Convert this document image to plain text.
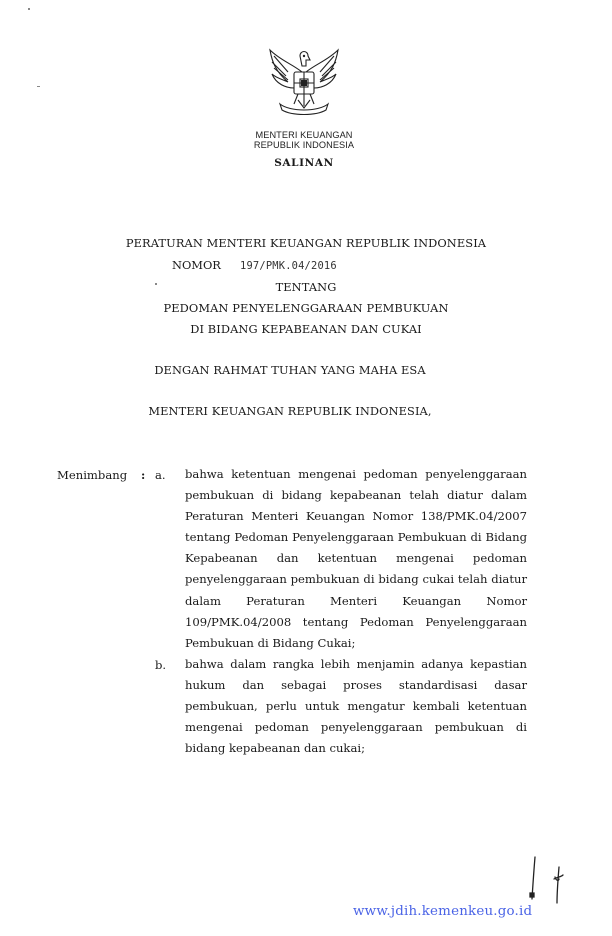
MENTERI KEUANGAN
REPUBLIK INDONESIA
SALINAN
PERATURAN MENTERI KEUANGAN REPUBLIK INDONESIA
NOMOR 197/PMK.04/2016
TENTANG
PEDOMAN PENYELENGGARAAN PEMBUKUAN
DI BIDANG KEPABEANAN DAN CUKAI
DENGAN RAHMAT TUHAN YANG MAHA ESA
MENTERI KEUANGAN REPUBLIK INDONESIA,
Menimbang : a. bahwa ketentuan mengenai pedoman penyelenggaraan
pembukuan di bidang kepabeanan telah diatur dalam
Peraturan Menteri Keuangan Nomor 138/PMK.04/2007
tentang Pedoman Penyelenggaraan Pembukuan di Bidang
Kepabeanan dan ketentuan mengenai pedoman
penyelenggaraan pembukuan di bidang cukai telah diatur
dalam Peraturan Menteri Keuangan Nomor
109/PMK.04/2008 tentang Pedoman Penyelenggaraan
Pembukuan di Bidang Cukai;
b. bahwa dalam rangka lebih menjamin adanya kepastian
hukum dan sebagai proses standardisasi dasar
pembukuan, perlu untuk mengatur kembali ketentuan
mengenai pedoman penyelenggaraan pembukuan di
bidang kepabeanan dan cukai;
www.jdih.kemenkeu.go.id
